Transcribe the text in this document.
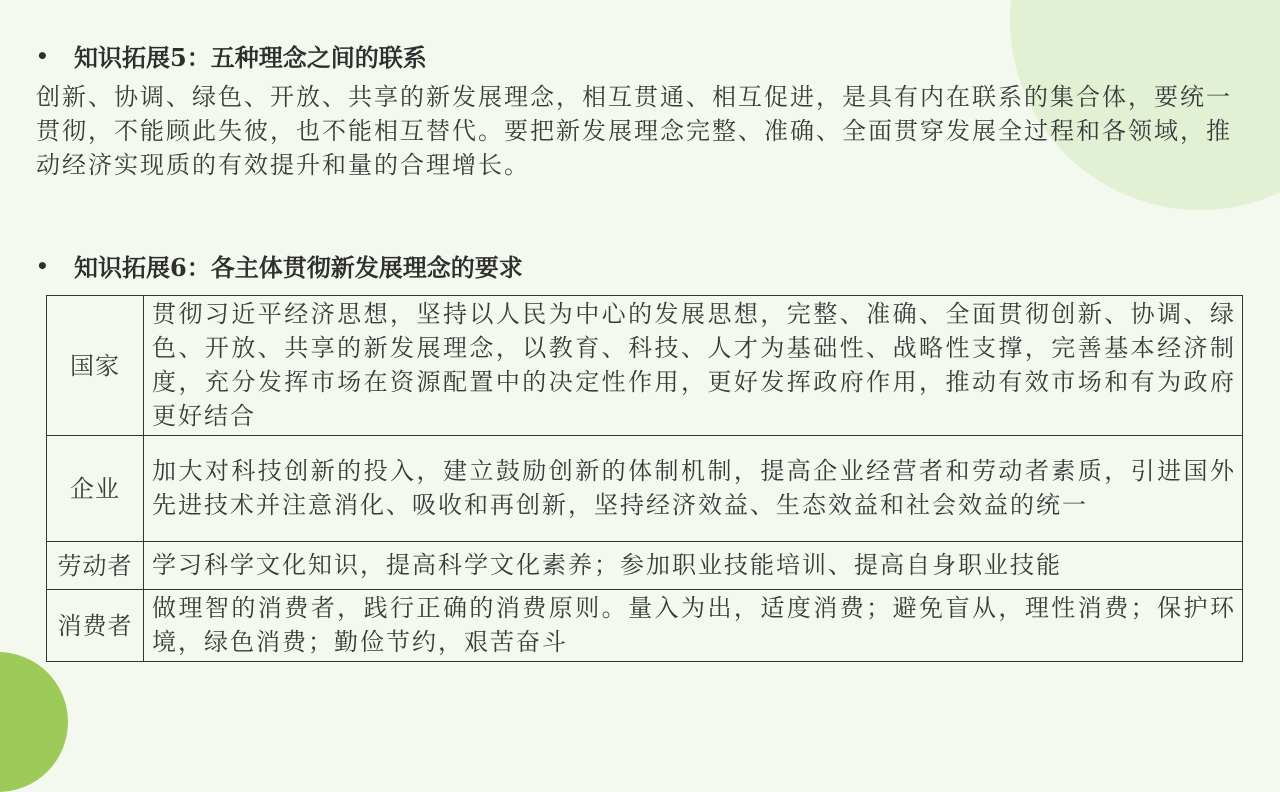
•	知识拓展5：五种理念之间的联系
创新、协调、绿色、开放、共享的新发展理念，相互贯通、相互促进，是具有内在联系的集合体，要统一贯彻，不能顾此失彼，也不能相互替代。要把新发展理念完整、准确、全面贯穿发展全过程和各领域，推动经济实现质的有效提升和量的合理增长。
•	知识拓展6：各主体贯彻新发展理念的要求
国家	贯彻习近平经济思想，坚持以人民为中心的发展思想，完整、准确、全面贯彻创新、协调、绿色、开放、共享的新发展理念，以教育、科技、人才为基础性、战略性支撑，完善基本经济制度，充分发挥市场在资源配置中的决定性作用，更好发挥政府作用，推动有效市场和有为政府更好结合
企业	加大对科技创新的投入，建立鼓励创新的体制机制，提高企业经营者和劳动者素质，引进国外先进技术并注意消化、吸收和再创新，坚持经济效益、生态效益和社会效益的统一
劳动者	学习科学文化知识，提高科学文化素养；参加职业技能培训、提高自身职业技能
消费者	做理智的消费者，践行正确的消费原则。量入为出，适度消费；避免盲从，理性消费；保护环境，绿色消费；勤俭节约，艰苦奋斗
